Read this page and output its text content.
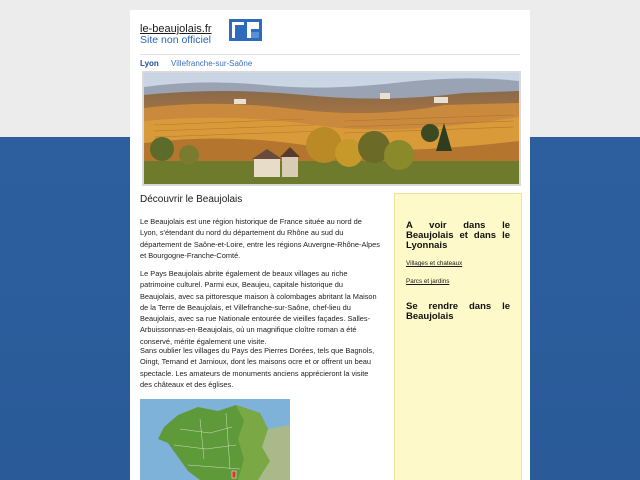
le-beaujolais.fr
Site non officiel
Lyon Villefranche-sur-Saône
Découvrir le Beaujolais

Le Beaujolais est une région historique de France située au nord de Lyon, s'étendant du nord du département du Rhône au sud du département de Saône-et-Loire, entre les régions Auvergne-Rhône-Alpes et Bourgogne-Franche-Comté.

Le Pays Beaujolais abrite également de beaux villages au riche patrimoine culturel. Parmi eux, Beaujeu, capitale historique du Beaujolais, avec sa pittoresque maison à colombages abritant la Maison de la Terre de Beaujolais, et Villefranche-sur-Saône, chef-lieu du Beaujolais, avec sa rue Nationale entourée de vieilles façades. Salles-Arbuissonnas-en-Beaujolais, où un magnifique cloître roman a été conservé, mérite également une visite.

Sans oublier les villages du Pays des Pierres Dorées, tels que Bagnols, Oingt, Ternand et Jarnioux, dont les maisons ocre et or offrent un beau spectacle. Les amateurs de monuments anciens apprécieront la visite des châteaux et des églises.

A voir dans le Beaujolais et dans le Lyonnais

Villages et chateaux
Parcs et jardins

Se rendre dans le Beaujolais
